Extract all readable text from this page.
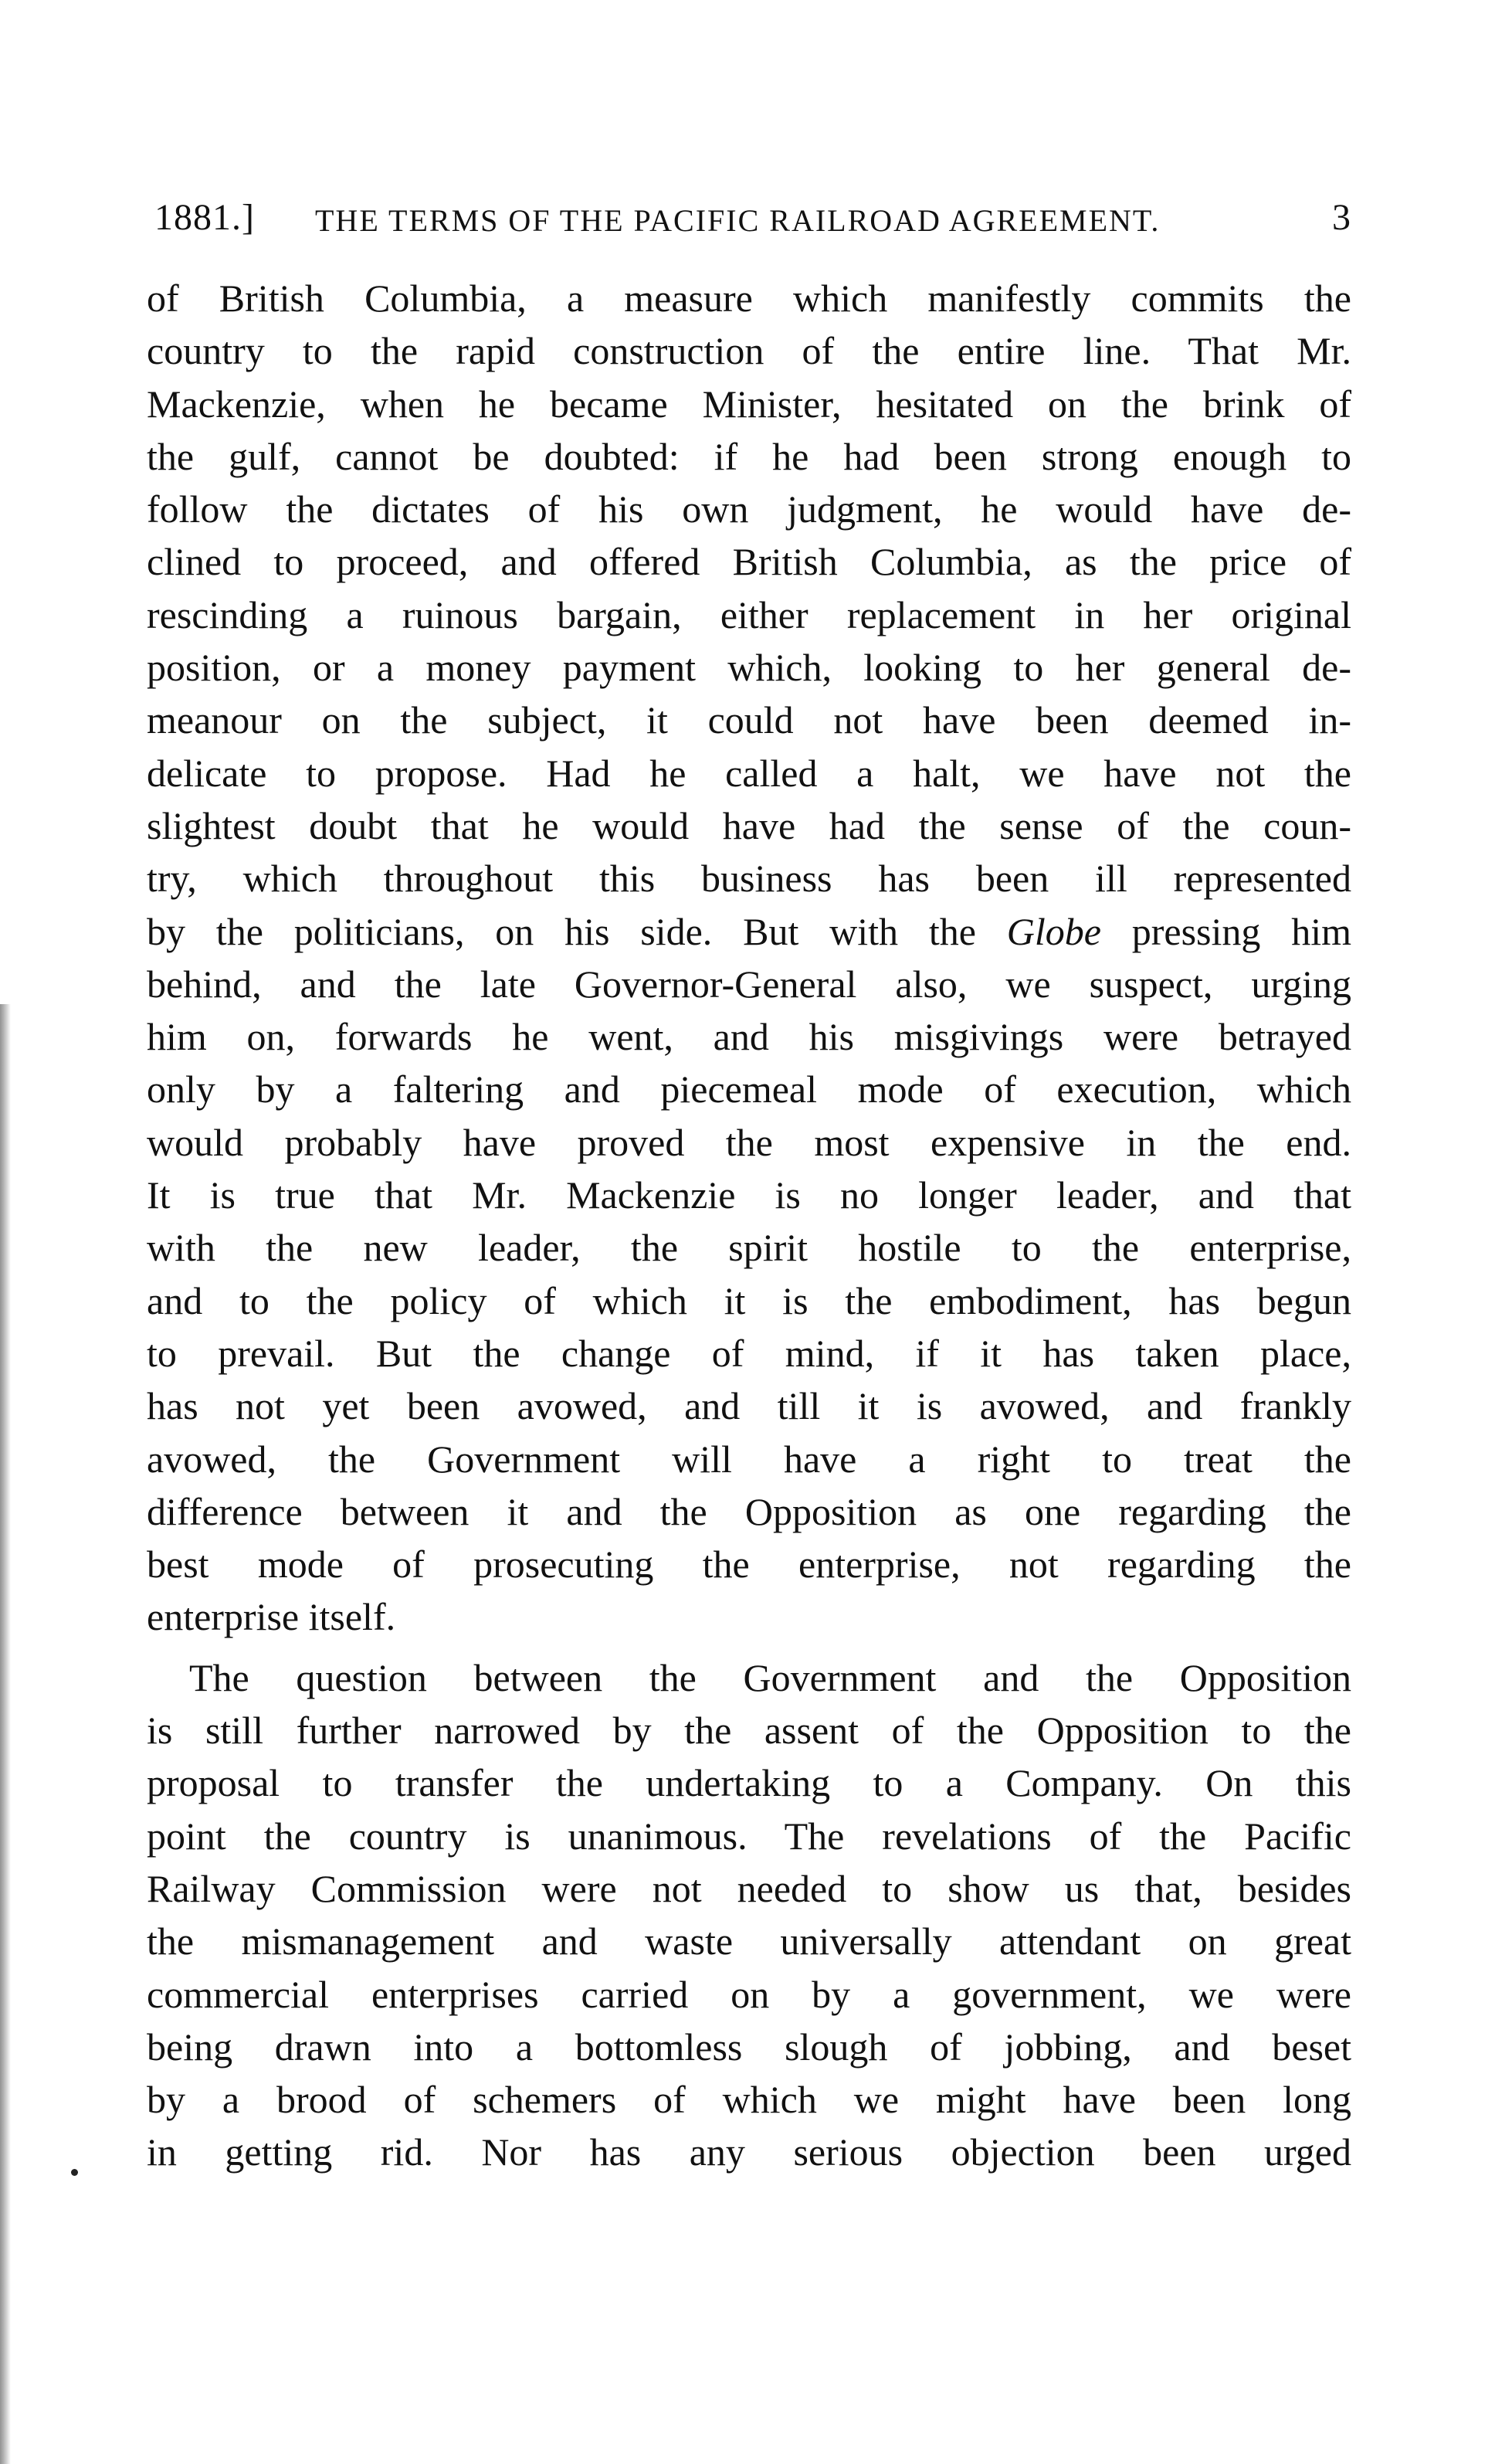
1881.] THE TERMS OF THE PACIFIC RAILROAD AGREEMENT.	3
of British Columbia, a measure which manifestly commits the
country to the rapid construction of the entire line. That Mr.
Mackenzie, when he became Minister, hesitated on the brink of
the gulf, cannot be doubted: if he had been strong enough to
follow the dictates of his own judgment, he would have de-
clined to proceed, and offered British Columbia, as the price of
rescinding a ruinous bargain, either replacement in her original
position, or a money payment which, looking to her general de-
meanour on the subject, it could not have been deemed in-
delicate to propose. Had he called a halt, we have not the
slightest doubt that he would have had the sense of the coun-
try, which throughout this business has been ill represented
by the politicians, on his side. But with the Globe pressing him
behind, and the late Governor-General also, we suspect, urging
him on, forwards he went, and his misgivings were betrayed
only by a faltering and piecemeal mode of execution, which
would probably have proved the most expensive in the end.
It is true that Mr. Mackenzie is no longer leader, and that
with the new leader, the spirit hostile to the enterprise,
and to the policy of which it is the embodiment, has begun
to prevail. But the change of mind, if it has taken place,
has not yet been avowed, and till it is avowed, and frankly
avowed, the Government will have a right to treat the
difference between it and the Opposition as one regarding the
best mode of prosecuting the enterprise, not regarding the
enterprise itself.
The question between the Government and the Opposition
is still further narrowed by the assent of the Opposition to the
proposal to transfer the undertaking to a Company. On this
point the country is unanimous. The revelations of the Pacific
Railway Commission were not needed to show us that, besides
the mismanagement and waste universally attendant on great
commercial enterprises carried on by a government, we were
being drawn into a bottomless slough of jobbing, and beset
by a brood of schemers of which we might have been long
in getting rid. Nor has any serious objection been urged
